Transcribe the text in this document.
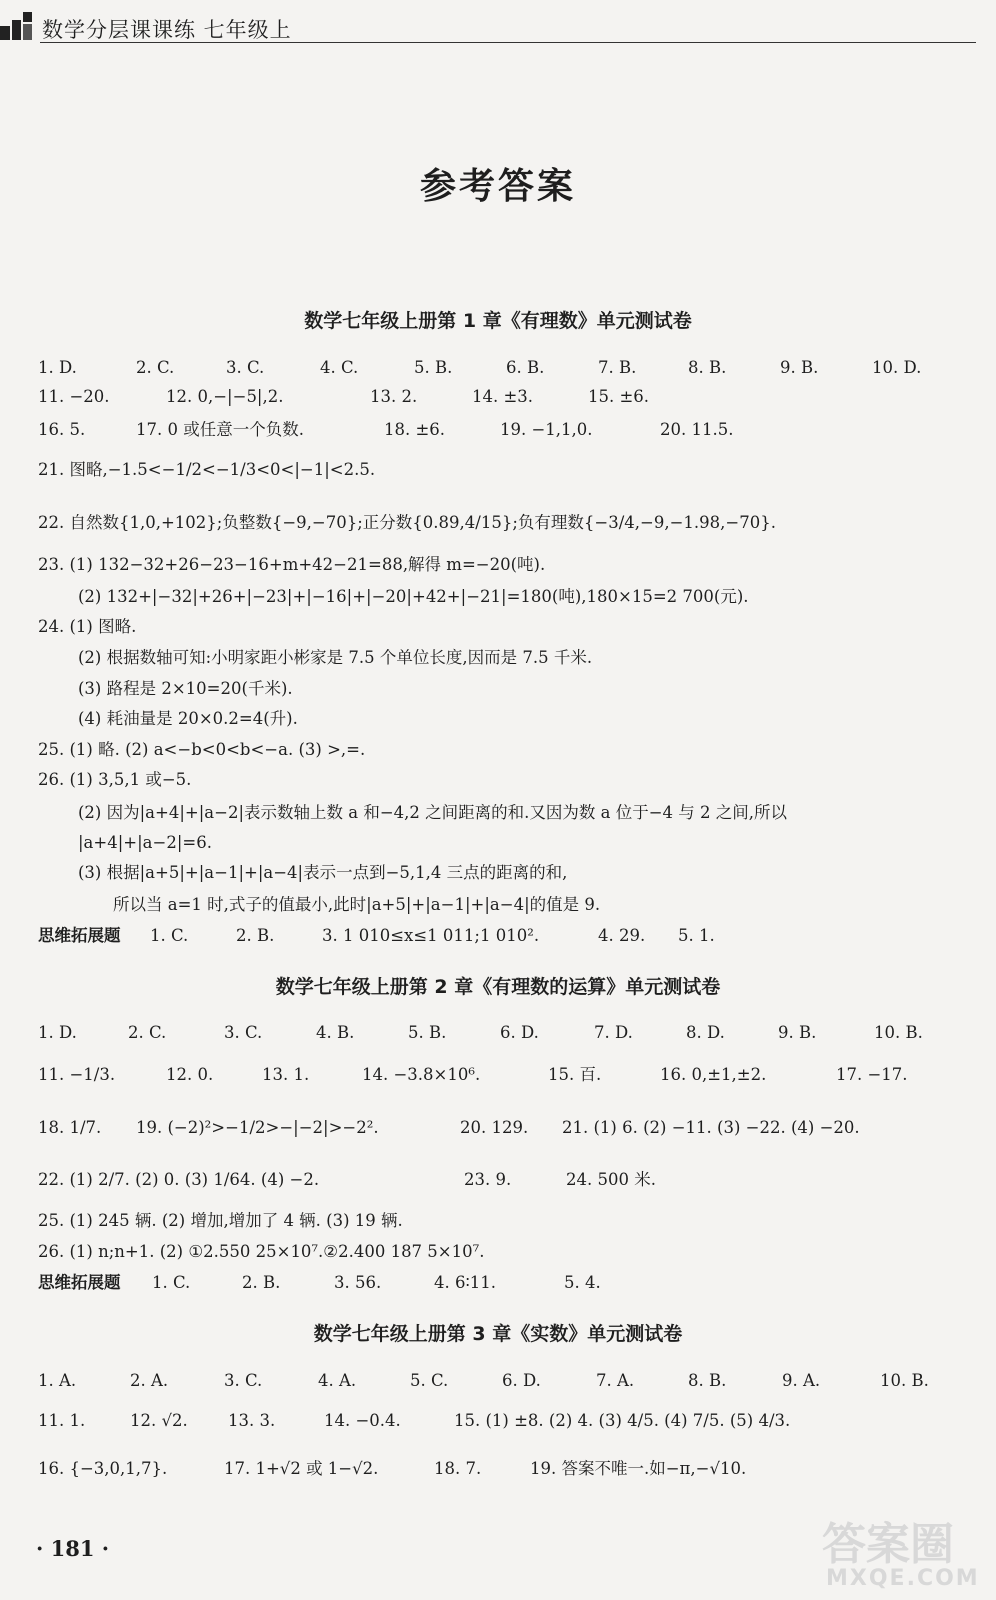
数学分层课课练 七年级上
参考答案
数学七年级上册第 1 章《有理数》单元测试卷
1. D.	2. C.	3. C.	4. C.	5. B.	6. B.	7. B.	8. B.	9. B.	10. D.
11. −20.	12. 0,−|−5|,2.	13. 2.	14. ±3.	15. ±6.
16. 5.	17. 0 或任意一个负数.	18. ±6.	19. −1,1,0.	20. 11.5.
21. 图略,−1.5<−1/2<−1/3<0<|−1|<2.5.
22. 自然数{1,0,+102};负整数{−9,−70};正分数{0.89,4/15};负有理数{−3/4,−9,−1.98,−70}.
23. (1) 132−32+26−23−16+m+42−21=88,解得 m=−20(吨).
(2) 132+|−32|+26+|−23|+|−16|+|−20|+42+|−21|=180(吨),180×15=2 700(元).
24. (1) 图略.
(2) 根据数轴可知:小明家距小彬家是 7.5 个单位长度,因而是 7.5 千米.
(3) 路程是 2×10=20(千米).
(4) 耗油量是 20×0.2=4(升).
25. (1) 略. (2) a<−b<0<b<−a. (3) >,=.
26. (1) 3,5,1 或−5.
(2) 因为|a+4|+|a−2|表示数轴上数 a 和−4,2 之间距离的和.又因为数 a 位于−4 与 2 之间,所以
|a+4|+|a−2|=6.
(3) 根据|a+5|+|a−1|+|a−4|表示一点到−5,1,4 三点的距离的和,
所以当 a=1 时,式子的值最小,此时|a+5|+|a−1|+|a−4|的值是 9.
思维拓展题	1. C.	2. B.	3. 1 010≤x≤1 011;1 010².	4. 29.	5. 1.
数学七年级上册第 2 章《有理数的运算》单元测试卷
1. D.	2. C.	3. C.	4. B.	5. B.	6. D.	7. D.	8. D.	9. B.	10. B.
11. −1/3.	12. 0.	13. 1.	14. −3.8×10⁶.	15. 百.	16. 0,±1,±2.	17. −17.
18. 1/7.	19. (−2)²>−1/2>−|−2|>−2².	20. 129.	21. (1) 6. (2) −11. (3) −22. (4) −20.
22. (1) 2/7. (2) 0. (3) 1/64. (4) −2.	23. 9.	24. 500 米.
25. (1) 245 辆. (2) 增加,增加了 4 辆. (3) 19 辆.
26. (1) n;n+1. (2) ①2.550 25×10⁷.②2.400 187 5×10⁷.
思维拓展题	1. C.	2. B.	3. 56.	4. 6∶11.	5. 4.
数学七年级上册第 3 章《实数》单元测试卷
1. A.	2. A.	3. C.	4. A.	5. C.	6. D.	7. A.	8. B.	9. A.	10. B.
11. 1.	12. √2.	13. 3.	14. −0.4.	15. (1) ±8. (2) 4. (3) 4/5. (4) 7/5. (5) 4/3.
16. {−3,0,1,7}.	17. 1+√2 或 1−√2.	18. 7.	19. 答案不唯一.如−π,−√10.
· 181 ·	答案圈
MXQE.COM
